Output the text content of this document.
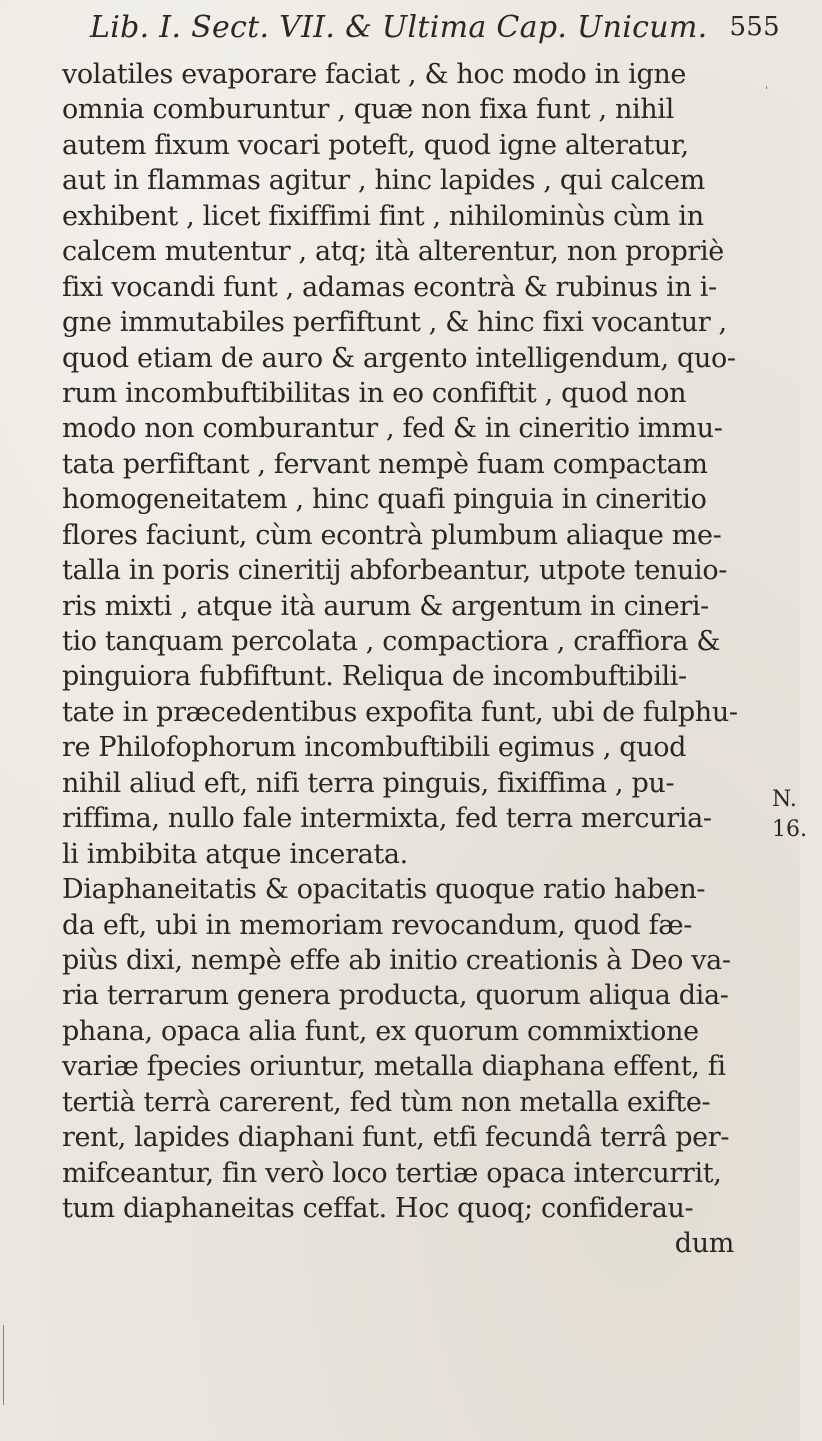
Lib. I. Sect. VII. & Ultima Cap. Unicum. 555
volatiles evaporare faciat , & hoc modo in igne
omnia comburuntur , quæ non fixa funt , nihil
autem fixum vocari poteft, quod igne alteratur,
aut in flammas agitur , hinc lapides , qui calcem
exhibent , licet fixiffimi fint , nihilominùs cùm in
calcem mutentur , atq; ità alterentur, non propriè
fixi vocandi funt , adamas econtrà & rubinus in i-
gne immutabiles perfiftunt , & hinc fixi vocantur ,
quod etiam de auro & argento intelligendum, quo-
rum incombuftibilitas in eo confiftit , quod non
modo non comburantur , fed & in cineritio immu-
tata perfiftant , fervant nempè fuam compactam
homogeneitatem , hinc quafi pinguia in cineritio
flores faciunt, cùm econtrà plumbum aliaque me-
talla in poris cineritij abforbeantur, utpote tenuio-
ris mixti , atque ità aurum & argentum in cineri-
tio tanquam percolata , compactiora , craffiora &
pinguiora fubfiftunt. Reliqua de incombuftibili-
tate in præcedentibus expofita funt, ubi de fulphu-
re Philofophorum incombuftibili egimus , quod
nihil aliud eft, nifi terra pinguis, fixiffima , pu-
riffima, nullo fale intermixta, fed terra mercuria-
li imbibita atque incerata.
Diaphaneitatis & opacitatis quoque ratio haben-
da eft, ubi in memoriam revocandum, quod fæ-
piùs dixi, nempè effe ab initio creationis à Deo va-
ria terrarum genera producta, quorum aliqua dia-
phana, opaca alia funt, ex quorum commixtione
variæ fpecies oriuntur, metalla diaphana effent, fi
tertià terrà carerent, fed tùm non metalla exifte-
rent, lapides diaphani funt, etfi fecundâ terrâ per-
mifceantur, fin verò loco tertiæ opaca intercurrit,
tum diaphaneitas ceffat. Hoc quoq; confiderau-
dum
N.
16.
